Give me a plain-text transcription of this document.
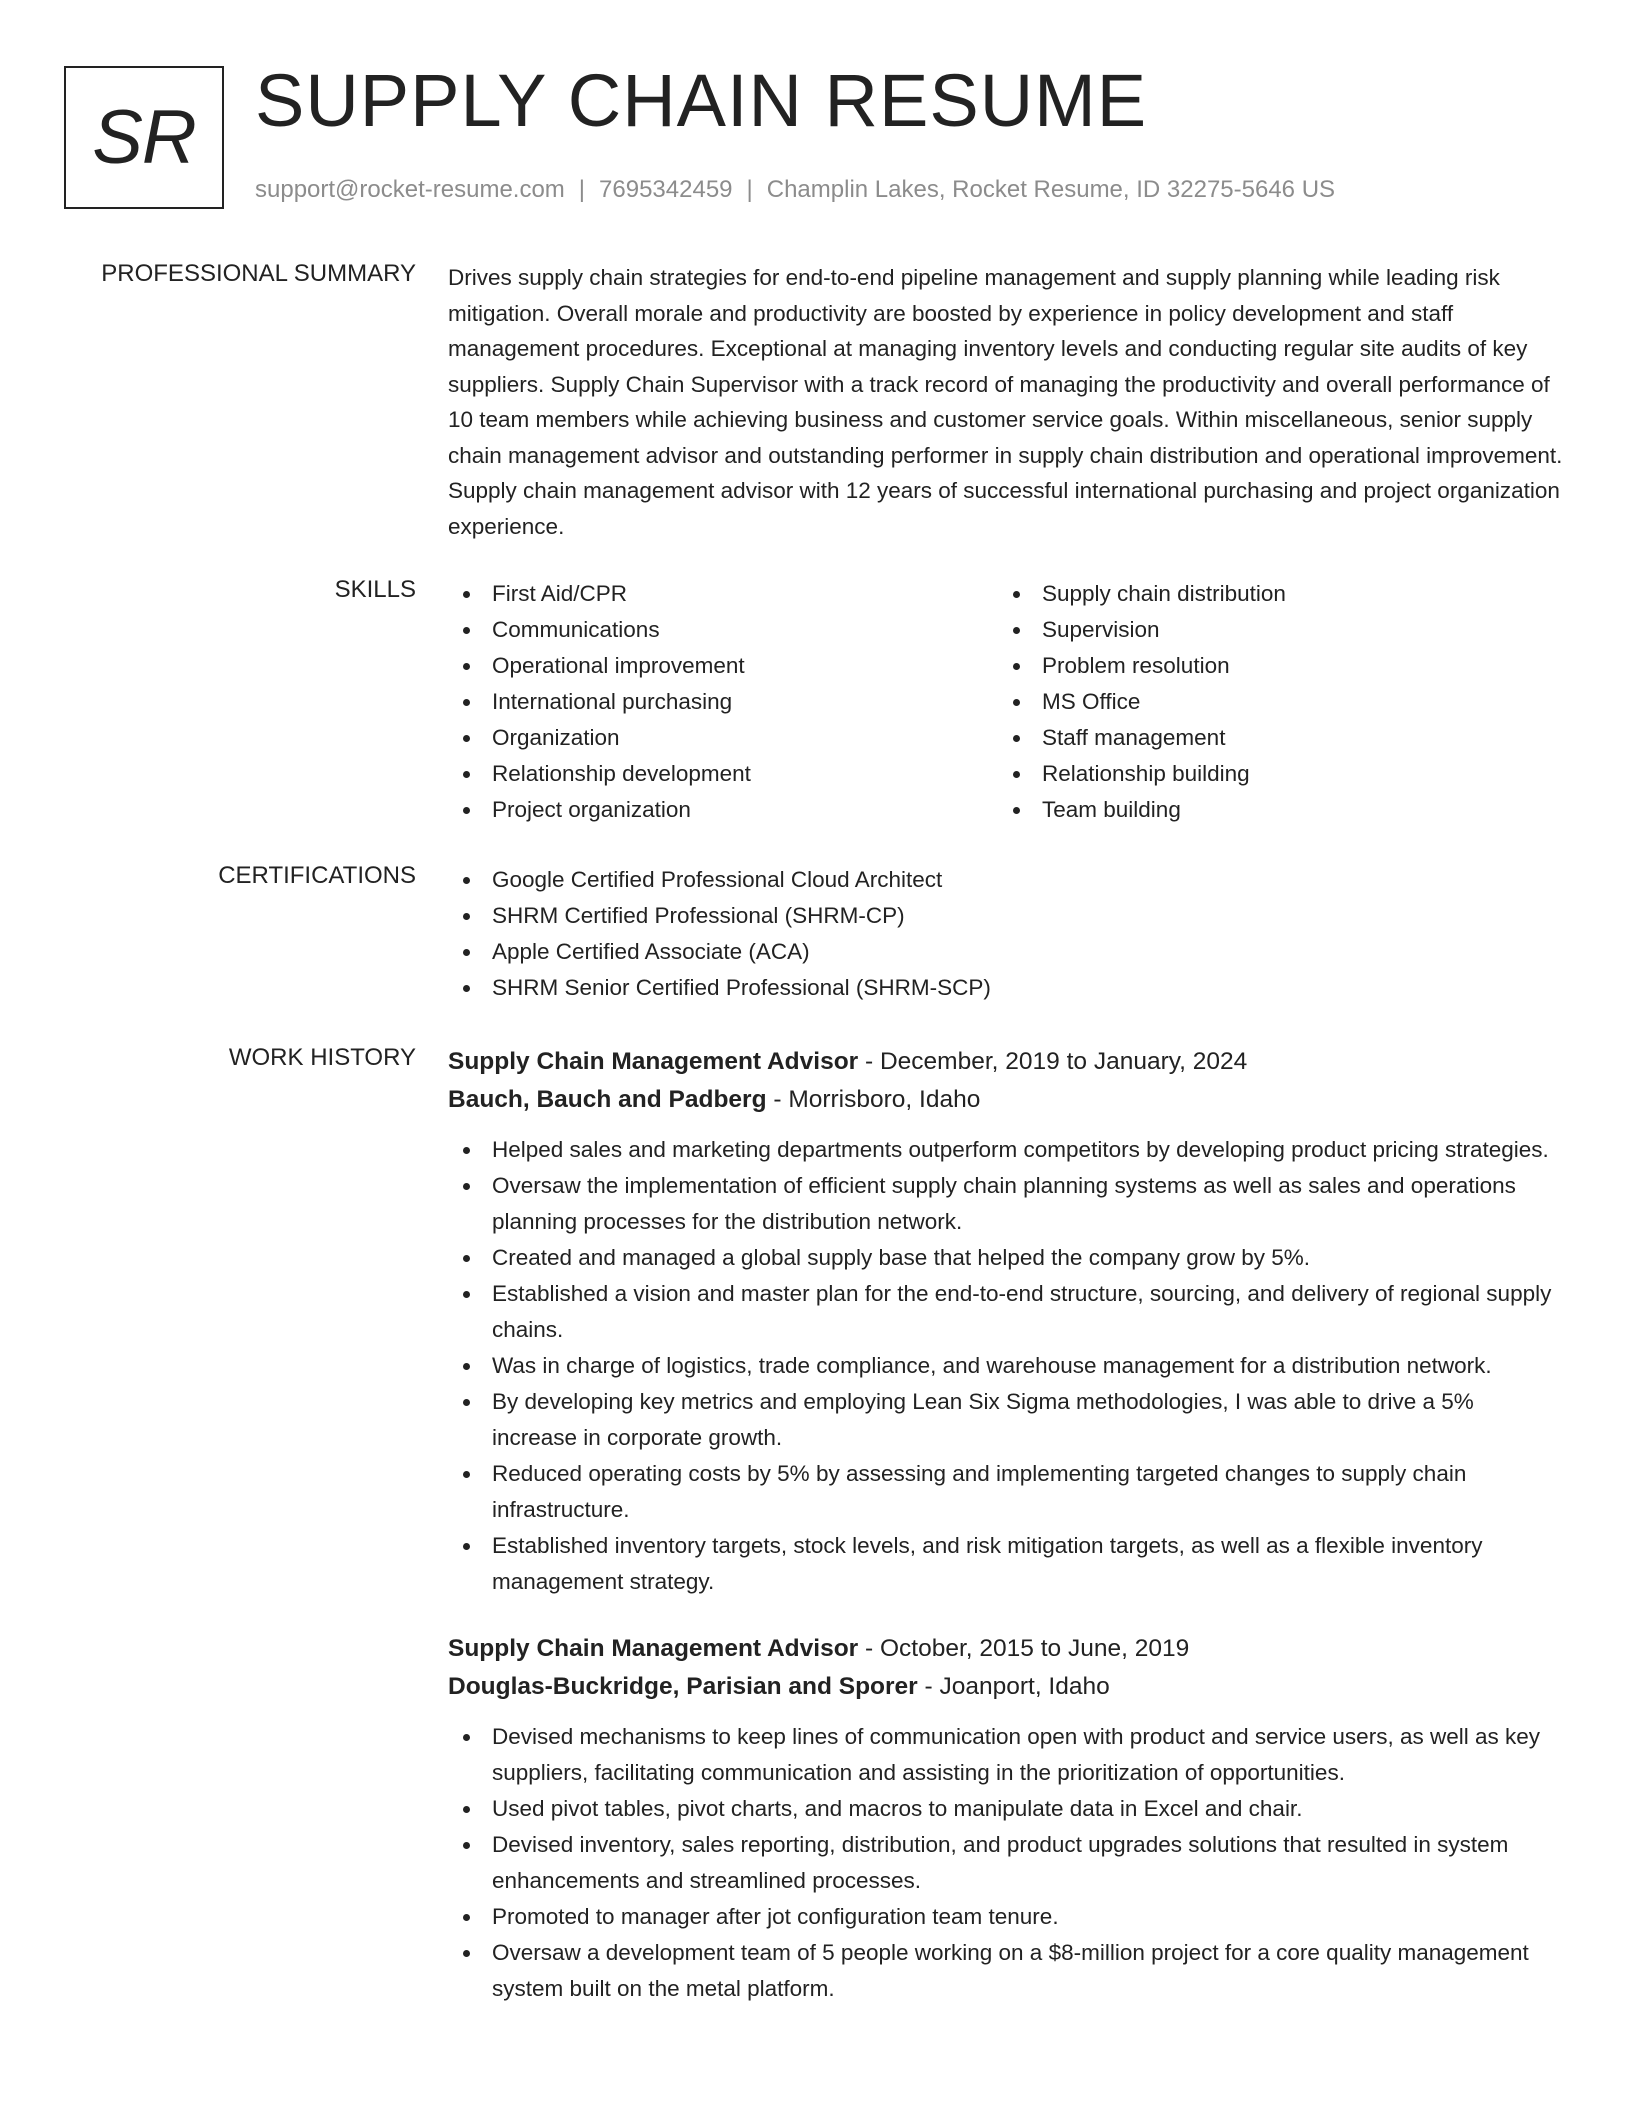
SR SUPPLY CHAIN RESUME
support@rocket-resume.com | 7695342459 | Champlin Lakes, Rocket Resume, ID 32275-5646 US
PROFESSIONAL SUMMARY Drives supply chain strategies for end-to-end pipeline management and supply planning while leading risk mitigation. Overall morale and productivity are boosted by experience in policy development and staff management procedures. Exceptional at managing inventory levels and conducting regular site audits of key suppliers. Supply Chain Supervisor with a track record of managing the productivity and overall performance of 10 team members while achieving business and customer service goals. Within miscellaneous, senior supply chain management advisor and outstanding performer in supply chain distribution and operational improvement. Supply chain management advisor with 12 years of successful international purchasing and project organization experience.
SKILLS	First Aid/CPR
Communications
Operational improvement
International purchasing
Organization
Relationship development
Project organization
Supply chain distribution
Supervision
Problem resolution
MS Office
Staff management
Relationship building
Team building
CERTIFICATIONS	Google Certified Professional Cloud Architect
SHRM Certified Professional (SHRM-CP)
Apple Certified Associate (ACA)
SHRM Senior Certified Professional (SHRM-SCP)
WORK HISTORY Supply Chain Management Advisor - December, 2019 to January, 2024
Bauch, Bauch and Padberg - Morrisboro, Idaho
Helped sales and marketing departments outperform competitors by developing product pricing strategies.
Oversaw the implementation of efficient supply chain planning systems as well as sales and operations planning processes for the distribution network.
Created and managed a global supply base that helped the company grow by 5%.
Established a vision and master plan for the end-to-end structure, sourcing, and delivery of regional supply chains.
Was in charge of logistics, trade compliance, and warehouse management for a distribution network.
By developing key metrics and employing Lean Six Sigma methodologies, I was able to drive a 5% increase in corporate growth.
Reduced operating costs by 5% by assessing and implementing targeted changes to supply chain infrastructure.
Established inventory targets, stock levels, and risk mitigation targets, as well as a flexible inventory management strategy.
Supply Chain Management Advisor - October, 2015 to June, 2019
Douglas-Buckridge, Parisian and Sporer - Joanport, Idaho
Devised mechanisms to keep lines of communication open with product and service users, as well as key suppliers, facilitating communication and assisting in the prioritization of opportunities.
Used pivot tables, pivot charts, and macros to manipulate data in Excel and chair.
Devised inventory, sales reporting, distribution, and product upgrades solutions that resulted in system enhancements and streamlined processes.
Promoted to manager after jot configuration team tenure.
Oversaw a development team of 5 people working on a $8-million project for a core quality management system built on the metal platform.
